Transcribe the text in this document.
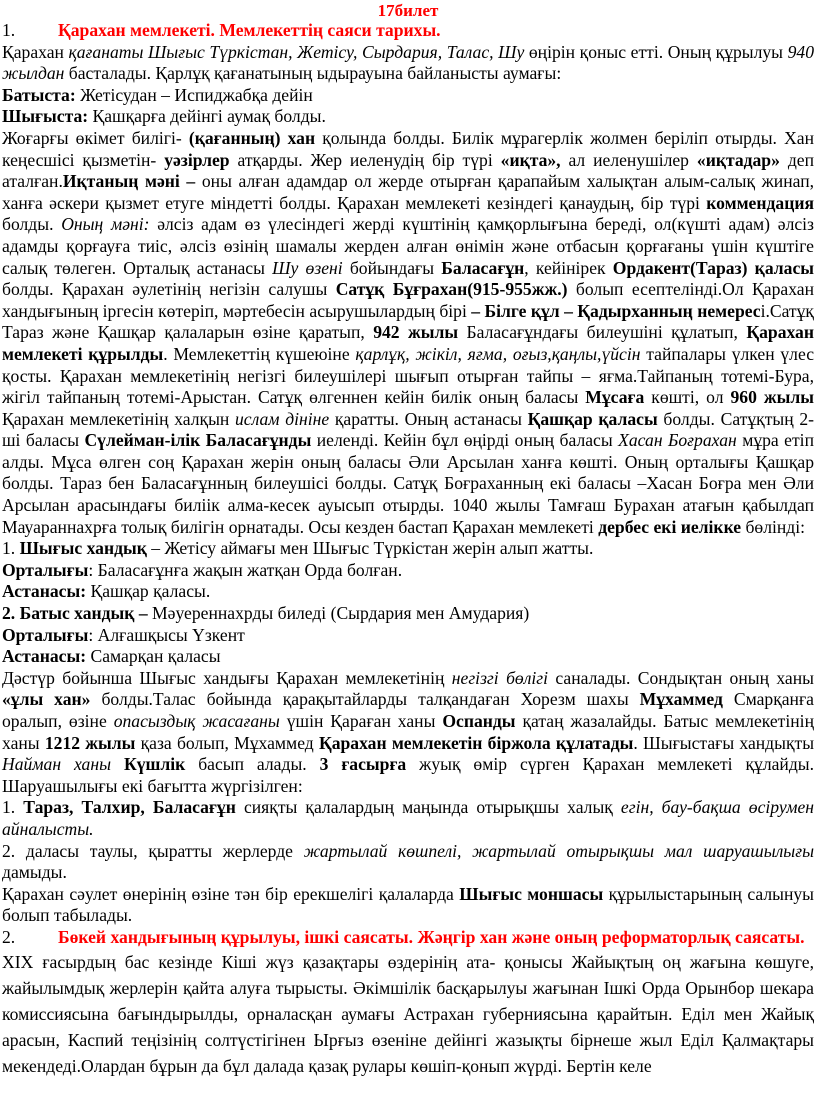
17билет

1. Қарахан мемлекеті. Мемлекеттің саяси тарихы.

Қарахан қағанаты Шығыс Түркістан, Жетісу, Сырдария, Талас, Шу өңірін қоныс етті. Оның құрылуы 940 жылдан басталады. Қарлұқ қағанатының ыдырауына байланысты аумағы:

Батыста: Жетісудан – Испиджабқа дейін

Шығыста: Қашқарға дейінгі аумақ болды.

Жоғарғы өкімет билігі- (қағанның) хан қолында болды. Билік мұрагерлік жолмен беріліп отырды. Хан кеңесшісі қызметін- уәзірлер атқарды. Жер иеленудің бір түрі «иқта», ал иеленушілер «иқтадар» деп аталған.Иқтаның мәні – оны алған адамдар ол жерде отырған қарапайым халықтан алым-салық жинап, ханға әскери қызмет етуге міндетті болды. Қарахан мемлекеті кезіндегі қанаудың, бір түрі коммендация болды. Оның мәні: әлсіз адам өз үлесіндегі жерді күштінің қамқорлығына береді, ол(күшті адам) әлсіз адамды қорғауға тиіс, әлсіз өзінің шамалы жерден алған өнімін және отбасын қорғағаны үшін күштіге салық төлеген. Орталық астанасы Шу өзені бойындағы Баласағұн, кейінірек Ордакент(Тараз) қаласы болды. Қарахан әулетінің негізін салушы Сатұқ Бұғрахан(915-955жж.) болып есептелінді.Ол Қарахан хандығының іргесін көтеріп, мәртебесін асырушылардың бірі – Білге құл – Қадырханның немересі.Сатұқ Тараз және Қашқар қалаларын өзіне қаратып, 942 жылы Баласағұндағы билеушіні құлатып, Қарахан мемлекеті құрылды. Мемлекеттің күшеюіне қарлұқ, жікіл, яғма, оғыз,қаңлы,үйсін тайпалары үлкен үлес қосты. Қарахан мемлекетінің негізгі билеушілері шығып отырған тайпы – яғма.Тайпаның тотемі-Бура, жігіл тайпаның тотемі-Арыстан. Сатұқ өлгеннен кейін билік оның баласы Мұсаға көшті, ол 960 жылы Қарахан мемлекетінің халқын ислам дініне қаратты. Оның астанасы Қашқар қаласы болды. Сатұқтың 2-ші баласы Сүлейман-ілік Баласағұнды иеленді. Кейін бұл өңірді оның баласы Хасан Боғрахан мұра етіп алды. Мұса өлген соң Қарахан жерін оның баласы Әли Арсылан ханға көшті. Оның орталығы Қашқар болды. Тараз бен Баласағұнның билеушісі болды. Сатұқ Боғраханның екі баласы –Хасан Боғра мен Әли Арсылан арасындағы биліік алма-кесек ауысып отырды. 1040 жылы Тамғаш Бурахан атағын қабылдап Мауараннахрға толық билігін орнатады. Осы кезден бастап Қарахан мемлекеті дербес екі иелікке бөлінді:

1. Шығыс хандық – Жетісу аймағы мен Шығыс Түркістан жерін алып жатты.

Орталығы: Баласағұнға жақын жатқан Орда болған.

Астанасы: Қашқар қаласы.

2. Батыс хандық – Мәуереннахрды биледі (Сырдария мен Амудария)

Орталығы: Алғашқысы Үзкент

Астанасы: Самарқан қаласы

Дәстүр бойынша Шығыс хандығы Қарахан мемлекетінің негізгі бөлігі саналады. Сондықтан оның ханы «ұлы хан» болды.Талас бойында қарақытайларды талқандаған Хорезм шахы Мұхаммед Смарқанға оралып, өзіне опасыздық жасағаны үшін Қараған ханы Оспанды қатаң жазалайды. Батыс мемлекетінің ханы 1212 жылы қаза болып, Мұхаммед Қарахан мемлекетін біржола құлатады. Шығыстағы хандықты Найман ханы Күшлік басып алады. 3 ғасырға жуық өмір сүрген Қарахан мемлекеті құлайды. Шаруашылығы екі бағытта жүргізілген:

1. Тараз, Талхир, Баласағұн сияқты қалалардың маңында отырықшы халық егін, бау-бақша өсірумен айналысты.

2. даласы таулы, қыратты жерлерде жартылай көшпелі, жартылай отырықшы мал шаруашылығы дамыды.

Қарахан сәулет өнерінің өзіне тән бір ерекшелігі қалаларда Шығыс моншасы құрылыстарының салынуы болып табылады.

2. Бөкей хандығының құрылуы, ішкі саясаты. Жәңгір хан және оның реформаторлық саясаты.

XIX ғасырдың бас кезінде Кіші жүз қазақтары өздерінің ата- қонысы Жайықтың оң жағына көшуге, жайылымдық жерлерін қайта алуға тырысты. Әкімшілік басқарылуы жағынан Ішкі Орда Орынбор шекара комиссиясына бағындырылды, орналасқан аумағы Астрахан губерниясына қарайтын. Еділ мен Жайық арасын, Каспий теңізінің солтүстігінен Ырғыз өзеніне дейінгі жазықты бірнеше жыл Еділ Қалмақтары мекендеді.Олардан бұрын да бұл далада қазақ рулары көшіп-қонып жүрді. Бертін келе
